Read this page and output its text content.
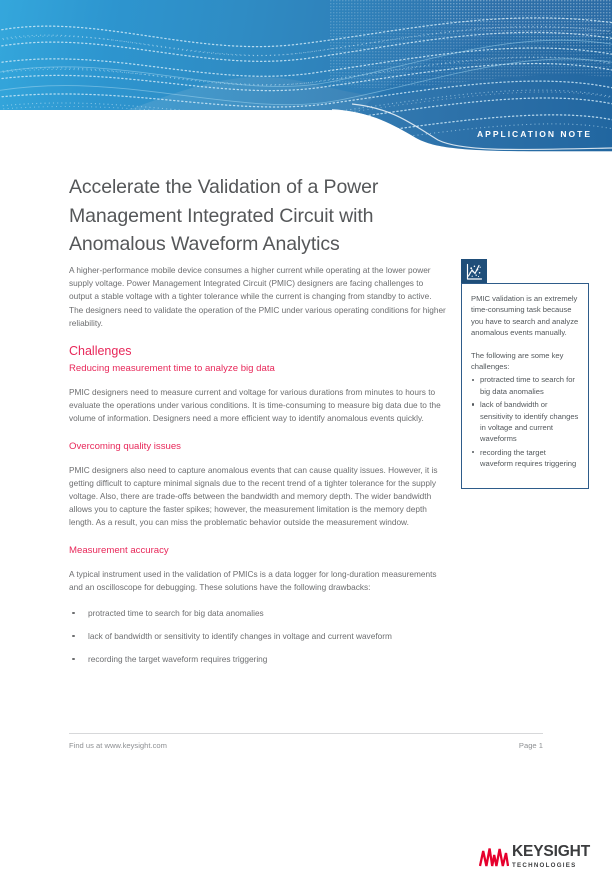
APPLICATION NOTE
Accelerate the Validation of a Power Management Integrated Circuit with Anomalous Waveform Analytics

A higher-performance mobile device consumes a higher current while operating at the lower power supply voltage. Power Management Integrated Circuit (PMIC) designers are facing challenges to output a stable voltage with a tighter tolerance while the current is changing from standby to active. The designers need to validate the operation of the PMIC under various operating conditions for higher reliability.

Challenges
Reducing measurement time to analyze big data

PMIC designers need to measure current and voltage for various durations from minutes to hours to evaluate the operations under various conditions. It is time-consuming to measure big data due to the volume of information. Designers need a more efficient way to identify anomalous events quickly.

Overcoming quality issues

PMIC designers also need to capture anomalous events that can cause quality issues. However, it is getting difficult to capture minimal signals due to the recent trend of a tighter tolerance for the supply voltage. Also, there are trade-offs between the bandwidth and memory depth. The wider bandwidth allows you to capture the faster spikes; however, the measurement limitation is the memory depth length. As a result, you can miss the problematic behavior outside the measurement window.

Measurement accuracy

A typical instrument used in the validation of PMICs is a data logger for long-duration measurements and an oscilloscope for debugging. These solutions have the following drawbacks:

protracted time to search for big data anomalies
lack of bandwidth or sensitivity to identify changes in voltage and current waveform
recording the target waveform requires triggering

PMIC validation is an extremely time-consuming task because you have to search and analyze anomalous events manually.

The following are some key challenges:

protracted time to search for big data anomalies
lack of bandwidth or sensitivity to identify changes in voltage and current waveforms
recording the target waveform requires triggering
KEYSIGHT
TECHNOLOGIES
Find us at www.keysight.com	Page 1
